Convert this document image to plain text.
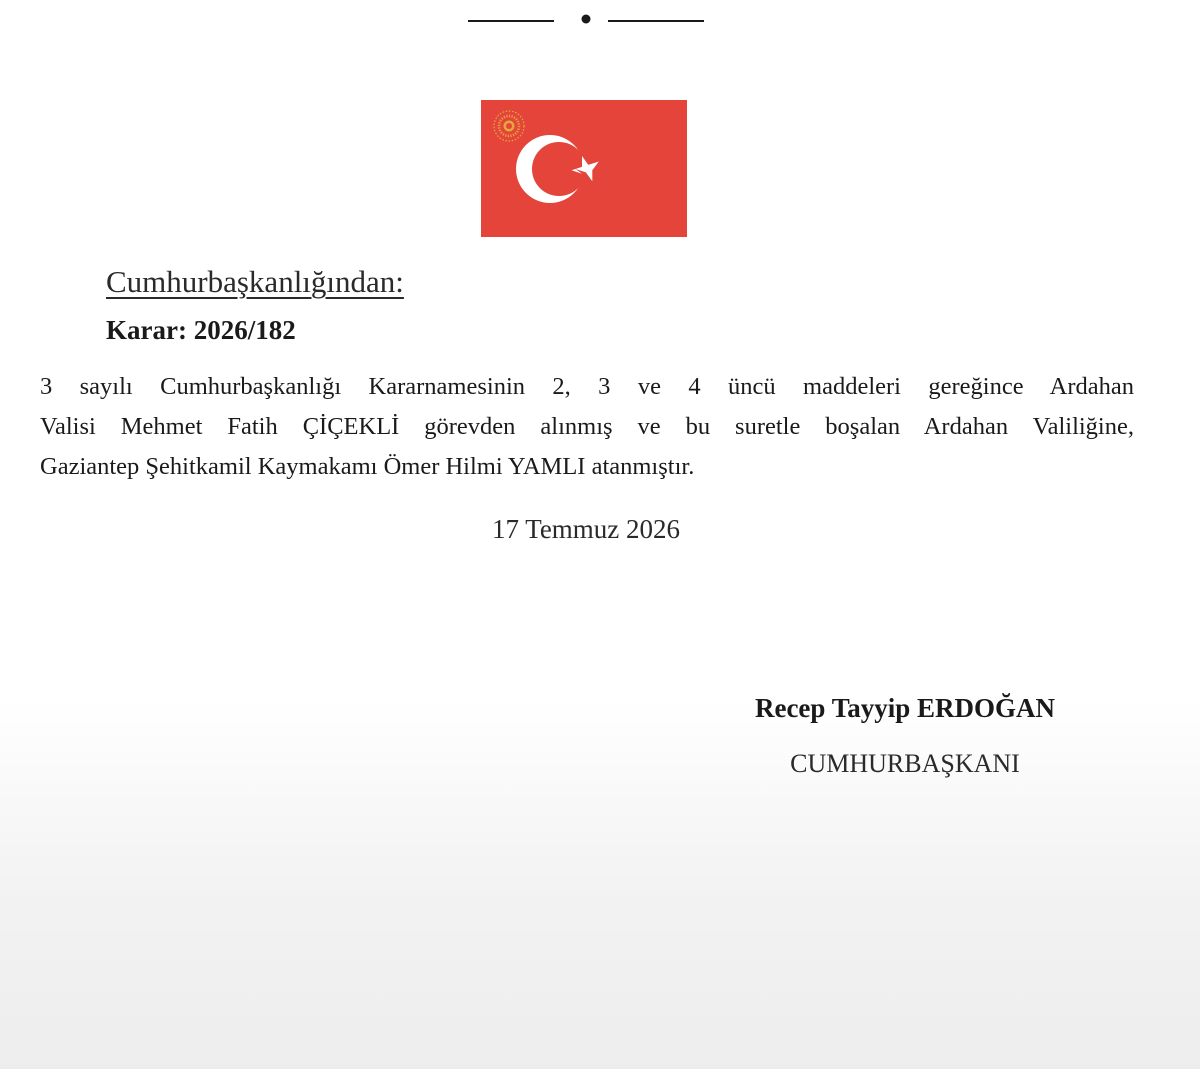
Cumhurbaşkanlığından:
Karar: 2026/182
3 sayılı Cumhurbaşkanlığı Kararnamesinin 2, 3 ve 4 üncü maddeleri gereğince Ardahan
Valisi Mehmet Fatih ÇİÇEKLİ görevden alınmış ve bu suretle boşalan Ardahan Valiliğine,
Gaziantep Şehitkamil Kaymakamı Ömer Hilmi YAMLI atanmıştır.
17 Temmuz 2026
Recep Tayyip ERDOĞAN
CUMHURBAŞKANI
